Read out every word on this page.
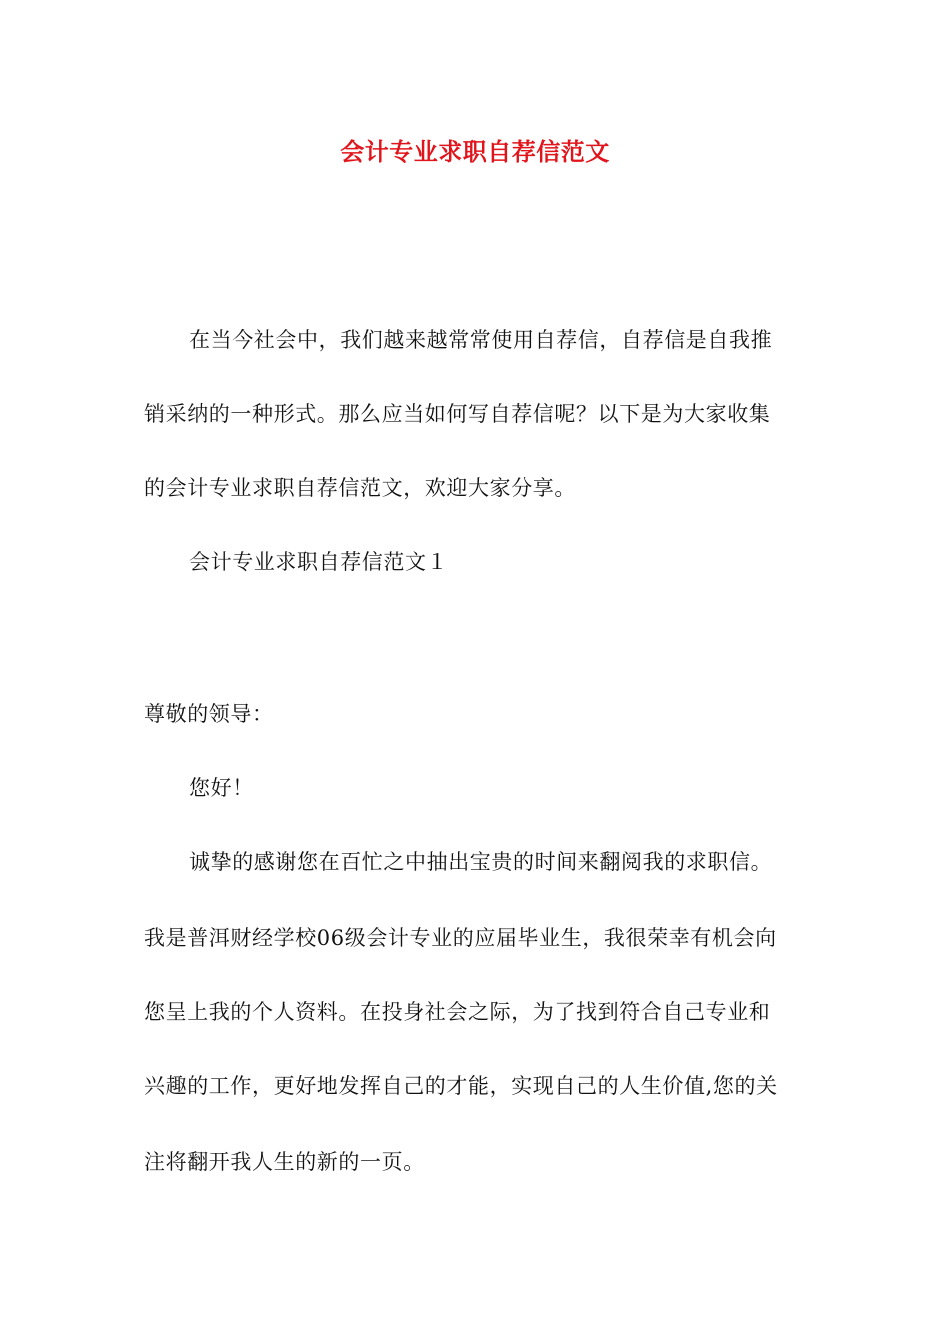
会计专业求职自荐信范文
在当今社会中，我们越来越常常使用自荐信，自荐信是自我推
销采纳的一种形式。那么应当如何写自荐信呢？以下是为大家收集
的会计专业求职自荐信范文，欢迎大家分享。
会计专业求职自荐信范文１
尊敬的领导：
您好！
诚挚的感谢您在百忙之中抽出宝贵的时间来翻阅我的求职信。
我是普洱财经学校06级会计专业的应届毕业生，我很荣幸有机会向
您呈上我的个人资料。在投身社会之际，为了找到符合自己专业和
兴趣的工作，更好地发挥自己的才能，实现自己的人生价值,您的关
注将翻开我人生的新的一页。
